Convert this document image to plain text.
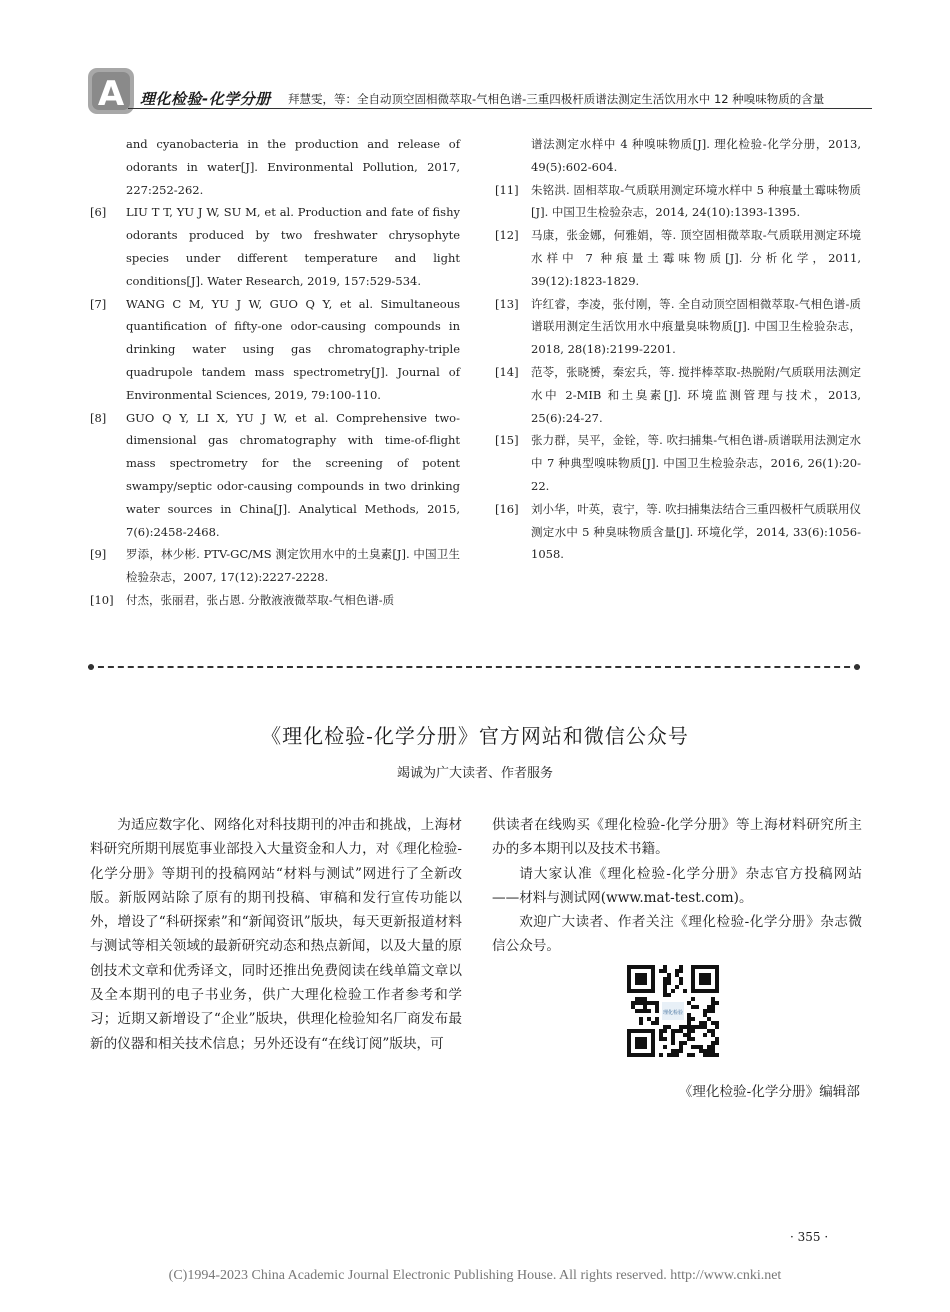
A 理化检验-化学分册 拜慧雯，等：全自动顶空固相微萃取-气相色谱-三重四极杆质谱法测定生活饮用水中 12 种嗅味物质的含量
and cyanobacteria in the production and release of odorants in water[J]. Environmental Pollution, 2017, 227:252-262.
[6] LIU T T, YU J W, SU M, et al. Production and fate of fishy odorants produced by two freshwater chrysophyte species under different temperature and light conditions[J]. Water Research, 2019, 157:529-534.
[7] WANG C M, YU J W, GUO Q Y, et al. Simultaneous quantification of fifty-one odor-causing compounds in drinking water using gas chromatography-triple quadrupole tandem mass spectrometry[J]. Journal of Environmental Sciences, 2019, 79:100-110.
[8] GUO Q Y, LI X, YU J W, et al. Comprehensive two-dimensional gas chromatography with time-of-flight mass spectrometry for the screening of potent swampy/septic odor-causing compounds in two drinking water sources in China[J]. Analytical Methods, 2015, 7(6):2458-2468.
[9] 罗添，林少彬. PTV-GC/MS 测定饮用水中的土臭素[J]. 中国卫生检验杂志，2007, 17(12):2227-2228.
[10] 付杰，张丽君，张占恩. 分散液液微萃取-气相色谱-质
谱法测定水样中 4 种嗅味物质[J]. 理化检验-化学分册，2013, 49(5):602-604.
[11] 朱铭洪. 固相萃取-气质联用测定环境水样中 5 种痕量土霉味物质[J]. 中国卫生检验杂志，2014, 24(10):1393-1395.
[12] 马康，张金娜，何雅娟，等. 顶空固相微萃取-气质联用测定环境水样中 7 种痕量土霉味物质[J]. 分析化学，2011, 39(12):1823-1829.
[13] 许红睿，李凌，张付刚，等. 全自动顶空固相微萃取-气相色谱-质谱联用测定生活饮用水中痕量臭味物质[J]. 中国卫生检验杂志，2018, 28(18):2199-2201.
[14] 范苓，张晓赟，秦宏兵，等. 搅拌棒萃取-热脱附/气质联用法测定水中 2-MIB 和土臭素[J]. 环境监测管理与技术，2013, 25(6):24-27.
[15] 张力群，吴平，金铨，等. 吹扫捕集-气相色谱-质谱联用法测定水中 7 种典型嗅味物质[J]. 中国卫生检验杂志，2016, 26(1):20-22.
[16] 刘小华，叶英，袁宁，等. 吹扫捕集法结合三重四极杆气质联用仪测定水中 5 种臭味物质含量[J]. 环境化学，2014, 33(6):1056-1058.
《理化检验-化学分册》官方网站和微信公众号
竭诚为广大读者、作者服务

为适应数字化、网络化对科技期刊的冲击和挑战，上海材料研究所期刊展览事业部投入大量资金和人力，对《理化检验-化学分册》等期刊的投稿网站“材料与测试”网进行了全新改版。新版网站除了原有的期刊投稿、审稿和发行宣传功能以外，增设了“科研探索”和“新闻资讯”版块，每天更新报道材料与测试等相关领域的最新研究动态和热点新闻，以及大量的原创技术文章和优秀译文，同时还推出免费阅读在线单篇文章以及全本期刊的电子书业务，供广大理化检验工作者参考和学习；近期又新增设了“企业”版块，供理化检验知名厂商发布最新的仪器和相关技术信息；另外还设有“在线订阅”版块，可

供读者在线购买《理化检验-化学分册》等上海材料研究所主办的多本期刊以及技术书籍。

请大家认准《理化检验-化学分册》杂志官方投稿网站——材料与测试网(www.mat-test.com)。

欢迎广大读者、作者关注《理化检验-化学分册》杂志微信公众号。

理化检验
《理化检验-化学分册》编辑部
· 355 ·
(C)1994-2023 China Academic Journal Electronic Publishing House. All rights reserved. http://www.cnki.net
